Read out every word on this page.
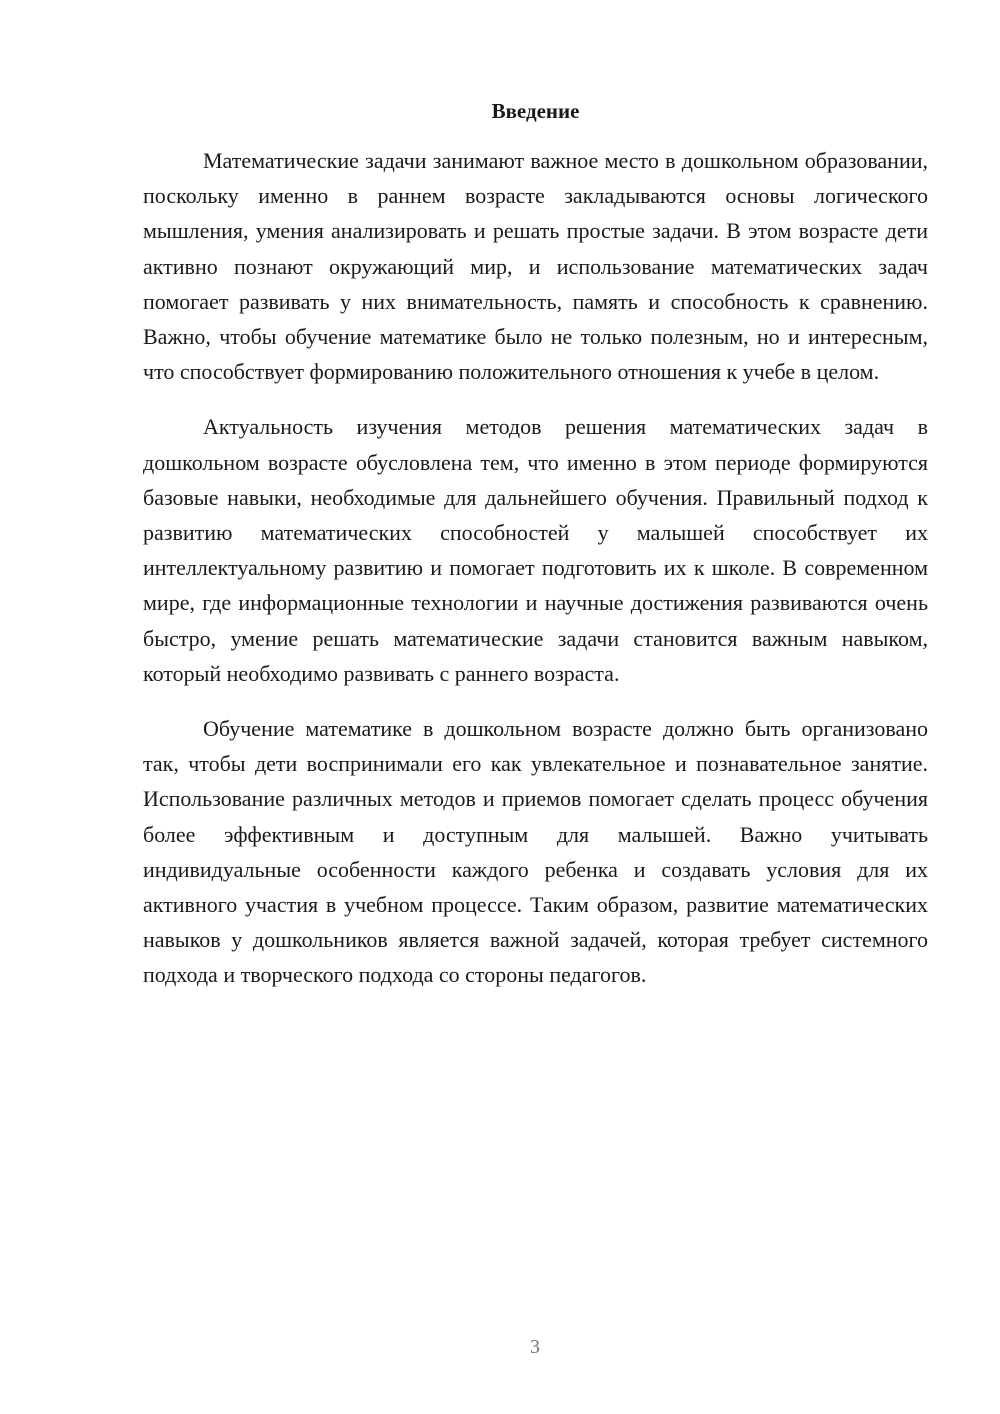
Введение

Математические задачи занимают важное место в дошкольном образовании, поскольку именно в раннем возрасте закладываются основы логического мышления, умения анализировать и решать простые задачи. В этом возрасте дети активно познают окружающий мир, и использование математических задач помогает развивать у них внимательность, память и способность к сравнению. Важно, чтобы обучение математике было не только полезным, но и интересным, что способствует формированию положительного отношения к учебе в целом.

Актуальность изучения методов решения математических задач в дошкольном возрасте обусловлена тем, что именно в этом периоде формируются базовые навыки, необходимые для дальнейшего обучения. Правильный подход к развитию математических способностей у малышей способствует их интеллектуальному развитию и помогает подготовить их к школе. В современном мире, где информационные технологии и научные достижения развиваются очень быстро, умение решать математические задачи становится важным навыком, который необходимо развивать с раннего возраста.

Обучение математике в дошкольном возрасте должно быть организовано так, чтобы дети воспринимали его как увлекательное и познавательное занятие. Использование различных методов и приемов помогает сделать процесс обучения более эффективным и доступным для малышей. Важно учитывать индивидуальные особенности каждого ребенка и создавать условия для их активного участия в учебном процессе. Таким образом, развитие математических навыков у дошкольников является важной задачей, которая требует системного подхода и творческого подхода со стороны педагогов.

3
